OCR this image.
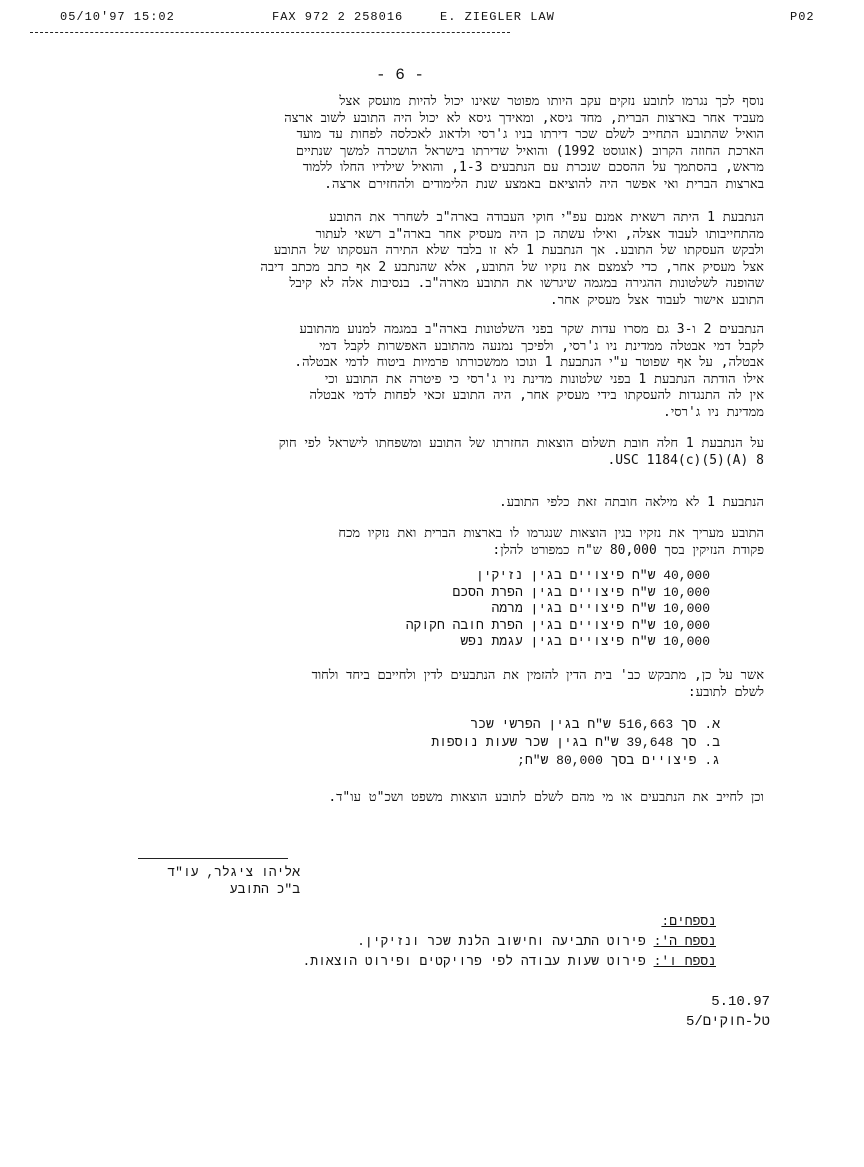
05/10'97 15:02	FAX 972 2 258016	E. ZIEGLER LAW	P02
- 6 -

נוסף לכך נגרמו לתובע נזקים עקב היותו מפוטר שאינו יכול להיות מועסק אצל

מעביד אחר בארצות הברית, מחד גיסא, ומאידך גיסא לא יכול היה התובע לשוב ארצה

הואיל שהתובע התחייב לשלם שכר דירתו בניו ג'רסי ולדאוג לאכלסה לפחות עד מועד

הארכת החוזה הקרוב (אוגוסט 1992) והואיל שדירתו בישראל הושכרה למשך שנתיים

מראש, בהסתמך על ההסכם שנכרת עם הנתבעים 1-3, והואיל שילדיו החלו ללמוד

בארצות הברית ואי אפשר היה להוציאם באמצע שנת הלימודים ולהחזירם ארצה.

הנתבעת 1 היתה רשאית אמנם עפ"י חוקי העבודה בארה"ב לשחרר את התובע

מהתחייבותו לעבוד אצלה, ואילו עשתה כן היה מעסיק אחר בארה"ב רשאי לעתור

ולבקש העסקתו של התובע. אך הנתבעת 1 לא זו בלבד שלא התירה העסקתו של התובע

אצל מעסיק אחר, כדי לצמצם את נזקיו של התובע, אלא שהנתבע 2 אף כתב מכתב דיבה

שהופנה לשלטונות ההגירה במגמה שיגרשו את התובע מארה"ב. בנסיבות אלה לא קיבל

התובע אישור לעבוד אצל מעסיק אחר.

הנתבעים 2 ו-3 גם מסרו עדות שקר בפני השלטונות בארה"ב במגמה למנוע מהתובע

לקבל דמי אבטלה ממדינת ניו ג'רסי, ולפיכך נמנעה מהתובע האפשרות לקבל דמי

אבטלה, על אף שפוטר ע"י הנתבעת 1 ונוכו ממשכורתו פרמיות ביטוח לדמי אבטלה.

אילו הודתה הנתבעת 1 בפני שלטונות מדינת ניו ג'רסי כי פיטרה את התובע וכי

אין לה התנגדות להעסקתו בידי מעסיק אחר, היה התובע זכאי לפחות לדמי אבטלה

ממדינת ניו ג'רסי.

על הנתבעת 1 חלה חובת תשלום הוצאות החזרתו של התובע ומשפחתו לישראל לפי חוק

8 USC 1184(c)(5)(A).

הנתבעת 1 לא מילאה חובתה זאת כלפי התובע.

התובע מעריך את נזקיו בגין הוצאות שנגרמו לו בארצות הברית ואת נזקיו מכח

פקודת הנזיקין בסך 80,000 ש"ח כמפורט להלן:

40,000 ש"ח פיצויים בגין נזיקין
10,000 ש"ח פיצויים בגין הפרת הסכם
10,000 ש"ח פיצויים בגין מרמה
10,000 ש"ח פיצויים בגין הפרת חובה חקוקה
10,000 ש"ח פיצויים בגין עגמת נפש

אשר על כן, מתבקש כב' בית הדין להזמין את הנתבעים לדין ולחייבם ביחד ולחוד

לשלם לתובע:

א. סך 516,663 ש"ח בגין הפרשי שכר
ב. סך 39,648 ש"ח בגין שכר שעות נוספות
ג. פיצויים בסך 80,000 ש"ח;

וכן לחייב את הנתבעים או מי מהם לשלם לתובע הוצאות משפט ושכ"ט עו"ד.

אליהו ציגלר, עו"ד

ב"כ התובע

נספחים:
נספח ה': פירוט התביעה וחישוב הלנת שכר ונזיקין.
נספח ו': פירוט שעות עבודה לפי פרויקטים ופירוט הוצאות.
5.10.97
טל-חוקים/5
